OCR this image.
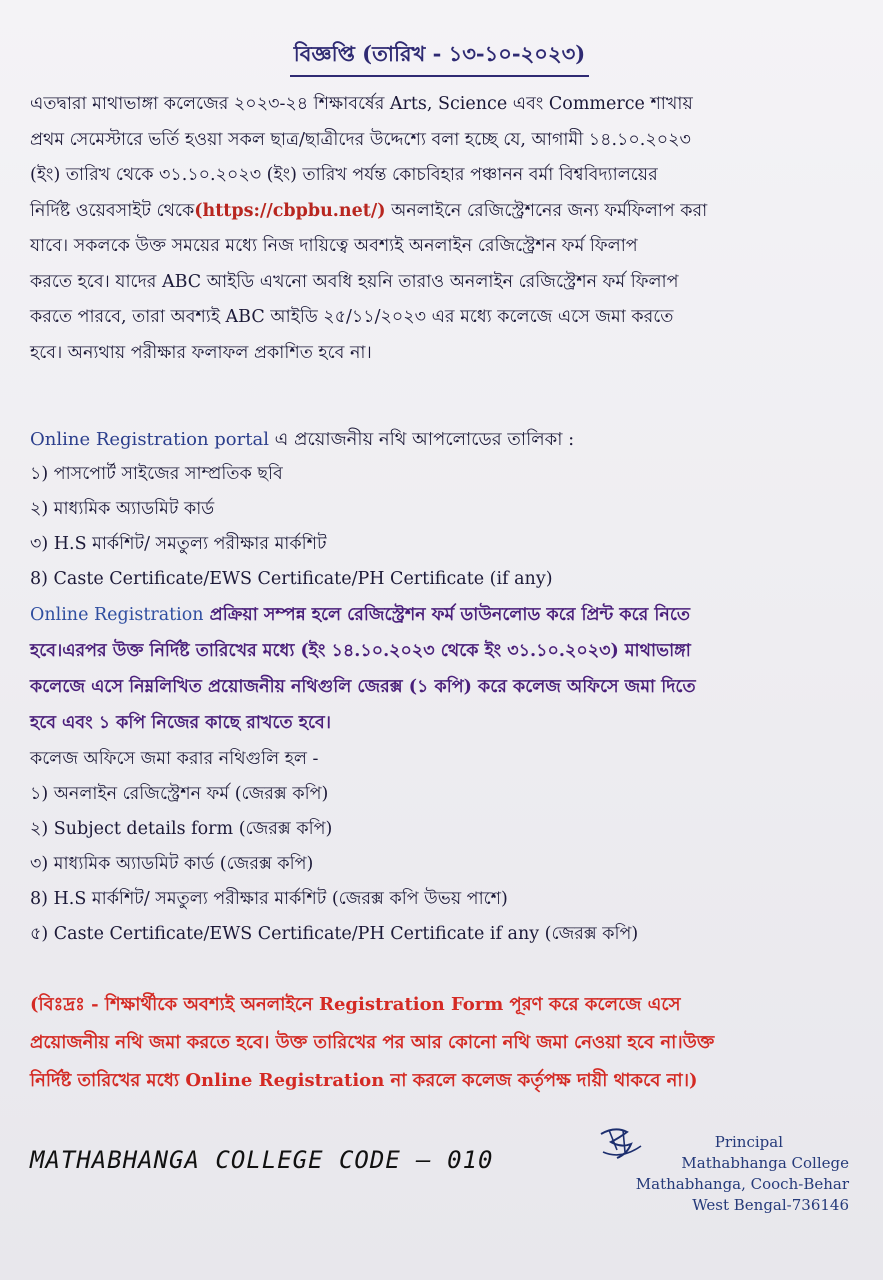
বিজ্ঞপ্তি (তারিখ - ১৩-১০-২০২৩)

এতদ্বারা মাথাভাঙ্গা কলেজের ২০২৩-২৪ শিক্ষাবর্ষের Arts, Science এবং Commerce শাখায়

প্রথম সেমেস্টারে ভর্তি হওয়া সকল ছাত্র/ছাত্রীদের উদ্দেশ্যে বলা হচ্ছে যে, আগামী ১৪.১০.২০২৩

(ইং) তারিখ থেকে ৩১.১০.২০২৩ (ইং) তারিখ পর্যন্ত কোচবিহার পঞ্চানন বর্মা বিশ্ববিদ্যালয়ের

নির্দিষ্ট ওয়েবসাইট থেকে(https://cbpbu.net/) অনলাইনে রেজিস্ট্রেশনের জন্য ফর্মফিলাপ করা

যাবে। সকলকে উক্ত সময়ের মধ্যে নিজ দায়িত্বে অবশ্যই অনলাইন রেজিস্ট্রেশন ফর্ম ফিলাপ

করতে হবে। যাদের ABC আইডি এখনো অবধি হয়নি তারাও অনলাইন রেজিস্ট্রেশন ফর্ম ফিলাপ

করতে পারবে, তারা অবশ্যই ABC আইডি ২৫/১১/২০২৩ এর মধ্যে কলেজে এসে জমা করতে

হবে। অন্যথায় পরীক্ষার ফলাফল প্রকাশিত হবে না।

Online Registration portal এ প্রয়োজনীয় নথি আপলোডের তালিকা :
১) পাসপোর্ট সাইজের সাম্প্রতিক ছবি
২) মাধ্যমিক অ্যাডমিট কার্ড
৩) H.S মার্কশিট/ সমতুল্য পরীক্ষার মার্কশিট
8) Caste Certificate/EWS Certificate/PH Certificate (if any)

Online Registration প্রক্রিয়া সম্পন্ন হলে রেজিস্ট্রেশন ফর্ম ডাউনলোড করে প্রিন্ট করে নিতে

হবে।এরপর উক্ত নির্দিষ্ট তারিখের মধ্যে (ইং ১৪.১০.২০২৩ থেকে ইং ৩১.১০.২০২৩) মাথাভাঙ্গা

কলেজে এসে নিম্নলিখিত প্রয়োজনীয় নথিগুলি জেরক্স (১ কপি) করে কলেজ অফিসে জমা দিতে

হবে এবং ১ কপি নিজের কাছে রাখতে হবে।

কলেজ অফিসে জমা করার নথিগুলি হল -
১) অনলাইন রেজিস্ট্রেশন ফর্ম (জেরক্স কপি)
২) Subject details form (জেরক্স কপি)
৩) মাধ্যমিক অ্যাডমিট কার্ড (জেরক্স কপি)
8) H.S মার্কশিট/ সমতুল্য পরীক্ষার মার্কশিট (জেরক্স কপি উভয় পাশে)
৫) Caste Certificate/EWS Certificate/PH Certificate if any (জেরক্স কপি)
(বিঃদ্রঃ - শিক্ষার্থীকে অবশ্যই অনলাইনে Registration Form পূরণ করে কলেজে এসে
প্রয়োজনীয় নথি জমা করতে হবে। উক্ত তারিখের পর আর কোনো নথি জমা নেওয়া হবে না।উক্ত
নির্দিষ্ট তারিখের মধ্যে Online Registration না করলে কলেজ কর্তৃপক্ষ দায়ী থাকবে না।)
MATHABHANGA COLLEGE CODE – 010
Principal
Mathabhanga College
Mathabhanga, Cooch-Behar
West Bengal-736146
